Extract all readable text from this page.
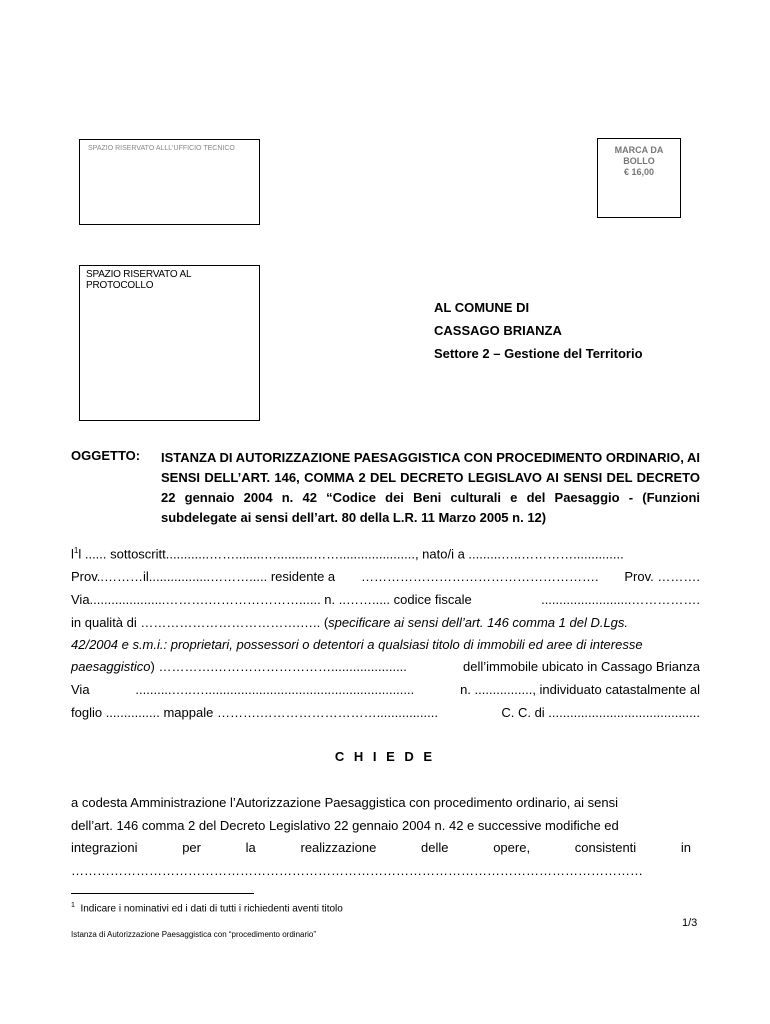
SPAZIO RISERVATO ALLL'UFFICIO TECNICO	MARCA DA
BOLLO
€ 16,00
SPAZIO RISERVATO AL PROTOCOLLO
AL COMUNE DI
CASSAGO BRIANZA
Settore 2 – Gestione del Territorio
OGGETTO: ISTANZA DI AUTORIZZAZIONE PAESAGGISTICA CON PROCEDIMENTO ORDINARIO, AI SENSI DELL’ART. 146, COMMA 2 DEL DECRETO LEGISLAVO AI SENSI DEL DECRETO 22 gennaio 2004 n. 42 “Codice dei Beni culturali e del Paesaggio - (Funzioni subdelegate ai sensi dell’art. 80 della L.R. 11 Marzo 2005 n. 12)
$l^1l$ ...... sottoscritt............……........…..........……....................., nato/i a .........…..…………..............
Prov..………il.................………..... residente a ………………………………………………. Prov. ……….
Via.....................……….…………………...... n. ..……..... codice fiscale	.........................…………….
in qualità di ……………………………….….. (specificare ai sensi dell’art. 146 comma 1 del D.Lgs.
42/2004 e s.m.i.: proprietari, possessori o detentori a qualsiasi titolo di immobili ed aree di interesse
paesaggistico) ………….……………………….....................	dell’immobile ubicato in Cassago Brianza
Via	..........…..…..........................................................	n. ................, individuato catastalmente al
foglio ............... mappale ……….……………………….................	C. C. di ..........................................
C H I E D E
a codesta Amministrazione l’Autorizzazione Paesaggistica con procedimento ordinario, ai sensi
dell’art. 146 comma 2 del Decreto Legislativo 22 gennaio 2004 n. 42 e successive modifiche ed
integrazioni	per	la	realizzazione	delle	opere,	consistenti	in
……………………………………………………………………………………………………………………
$^1$ Indicare i nominativi ed i dati di tutti i richiedenti aventi titolo
1/3
Istanza di Autorizzazione Paesaggistica con “procedimento ordinario”
